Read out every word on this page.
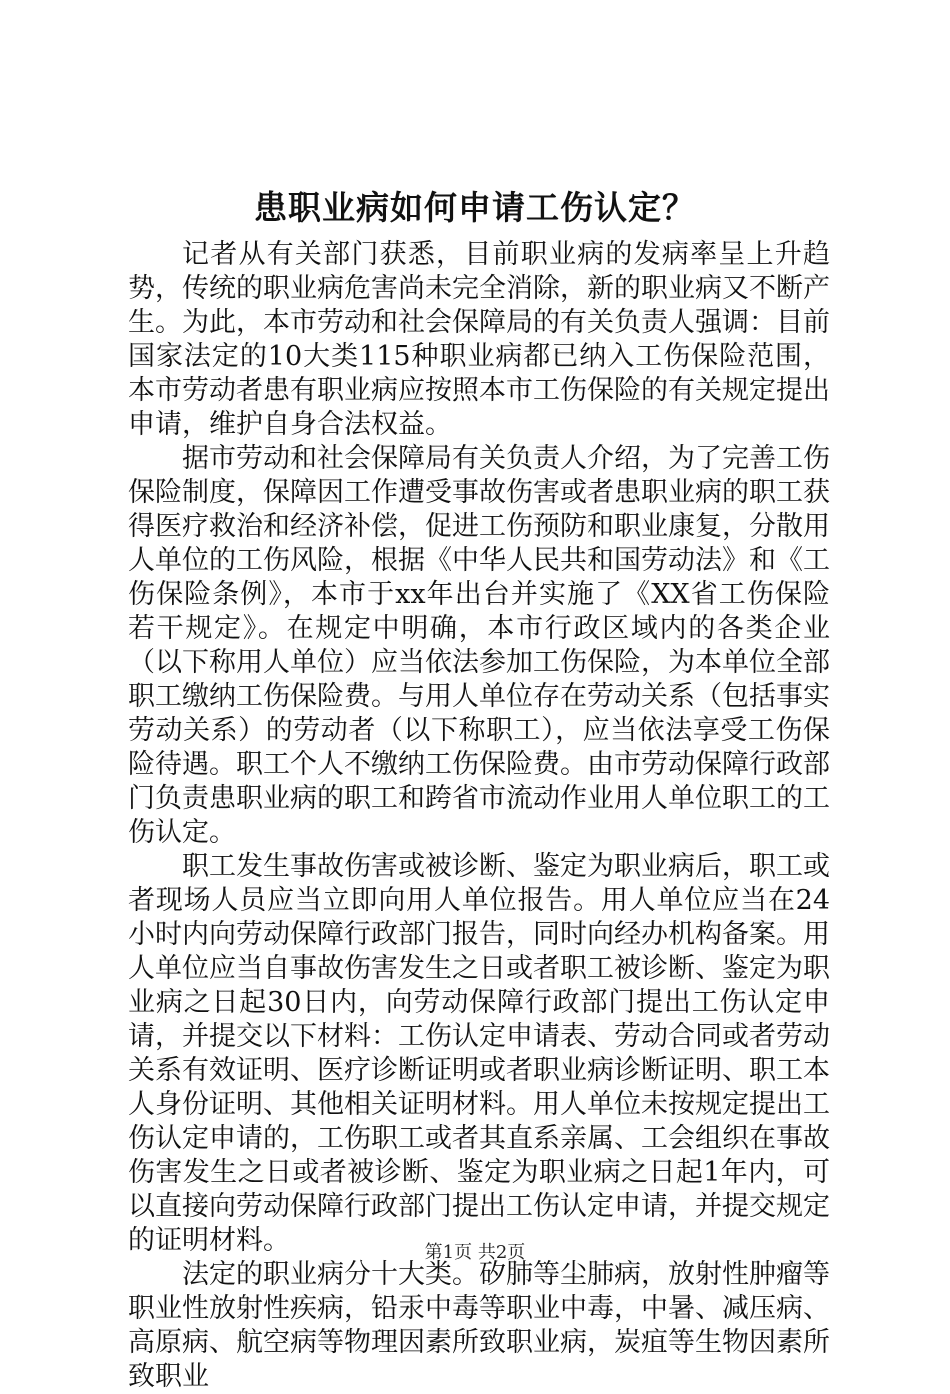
患职业病如何申请工伤认定？

记者从有关部门获悉，目前职业病的发病率呈上升趋势，传统的职业病危害尚未完全消除，新的职业病又不断产生。为此，本市劳动和社会保障局的有关负责人强调：目前国家法定的10大类115种职业病都已纳入工伤保险范围，本市劳动者患有职业病应按照本市工伤保险的有关规定提出申请，维护自身合法权益。

据市劳动和社会保障局有关负责人介绍，为了完善工伤保险制度，保障因工作遭受事故伤害或者患职业病的职工获得医疗救治和经济补偿，促进工伤预防和职业康复，分散用人单位的工伤风险，根据《中华人民共和国劳动法》和《工伤保险条例》，本市于xx年出台并实施了《XX省工伤保险若干规定》。在规定中明确，本市行政区域内的各类企业（以下称用人单位）应当依法参加工伤保险，为本单位全部职工缴纳工伤保险费。与用人单位存在劳动关系（包括事实劳动关系）的劳动者（以下称职工），应当依法享受工伤保险待遇。职工个人不缴纳工伤保险费。由市劳动保障行政部门负责患职业病的职工和跨省市流动作业用人单位职工的工伤认定。

职工发生事故伤害或被诊断、鉴定为职业病后，职工或者现场人员应当立即向用人单位报告。用人单位应当在24小时内向劳动保障行政部门报告，同时向经办机构备案。用人单位应当自事故伤害发生之日或者职工被诊断、鉴定为职业病之日起30日内，向劳动保障行政部门提出工伤认定申请，并提交以下材料：工伤认定申请表、劳动合同或者劳动关系有效证明、医疗诊断证明或者职业病诊断证明、职工本人身份证明、其他相关证明材料。用人单位未按规定提出工伤认定申请的，工伤职工或者其直系亲属、工会组织在事故伤害发生之日或者被诊断、鉴定为职业病之日起1年内，可以直接向劳动保障行政部门提出工伤认定申请，并提交规定的证明材料。

法定的职业病分十大类。矽肺等尘肺病，放射性肿瘤等职业性放射性疾病，铅汞中毒等职业中毒，中暑、减压病、高原病、航空病等物理因素所致职业病，炭疽等生物因素所致职业

第1页 共2页
